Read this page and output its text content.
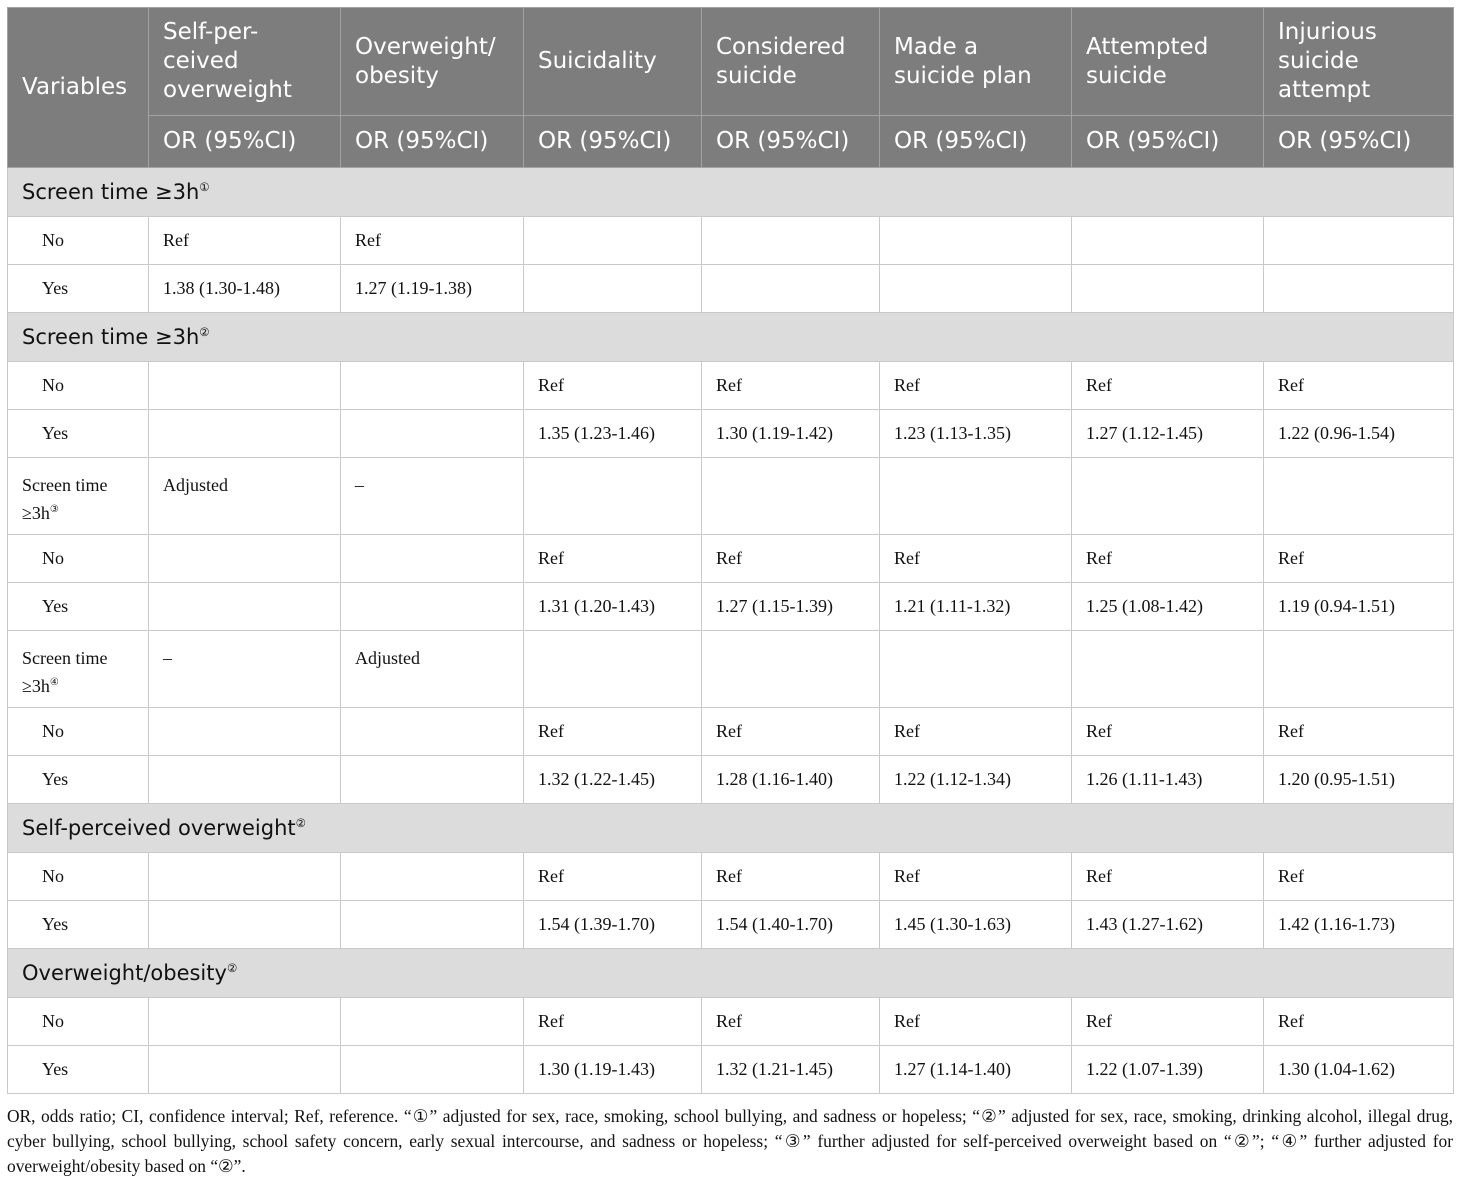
Variables	Self-per-ceived overweight	Overweight/ obesity	Suicidality	Considered suicide	Made a suicide plan	Attempted suicide	Injurious suicide attempt
	OR (95%CI)	OR (95%CI)	OR (95%CI)	OR (95%CI)	OR (95%CI)	OR (95%CI)	OR (95%CI)
Screen time ≥3h①
No	Ref	Ref					
Yes	1.38 (1.30-1.48)	1.27 (1.19-1.38)					
Screen time ≥3h②
No			Ref	Ref	Ref	Ref	Ref
Yes			1.35 (1.23-1.46)	1.30 (1.19-1.42)	1.23 (1.13-1.35)	1.27 (1.12-1.45)	1.22 (0.96-1.54)
Screen time ≥3h③	Adjusted	–					
No			Ref	Ref	Ref	Ref	Ref
Yes			1.31 (1.20-1.43)	1.27 (1.15-1.39)	1.21 (1.11-1.32)	1.25 (1.08-1.42)	1.19 (0.94-1.51)
Screen time ≥3h④	–	Adjusted					
No			Ref	Ref	Ref	Ref	Ref
Yes			1.32 (1.22-1.45)	1.28 (1.16-1.40)	1.22 (1.12-1.34)	1.26 (1.11-1.43)	1.20 (0.95-1.51)
Self-perceived overweight②
No			Ref	Ref	Ref	Ref	Ref
Yes			1.54 (1.39-1.70)	1.54 (1.40-1.70)	1.45 (1.30-1.63)	1.43 (1.27-1.62)	1.42 (1.16-1.73)
Overweight/obesity②
No			Ref	Ref	Ref	Ref	Ref
Yes			1.30 (1.19-1.43)	1.32 (1.21-1.45)	1.27 (1.14-1.40)	1.22 (1.07-1.39)	1.30 (1.04-1.62)
OR, odds ratio; CI, confidence interval; Ref, reference. “①” adjusted for sex, race, smoking, school bullying, and sadness or hopeless; “②” adjusted for sex, race, smoking, drinking alcohol, illegal drug, cyber bullying, school bullying, school safety concern, early sexual intercourse, and sadness or hopeless; “③” further adjusted for self-perceived overweight based on “②”; “④” further adjusted for overweight/obesity based on “②”.
